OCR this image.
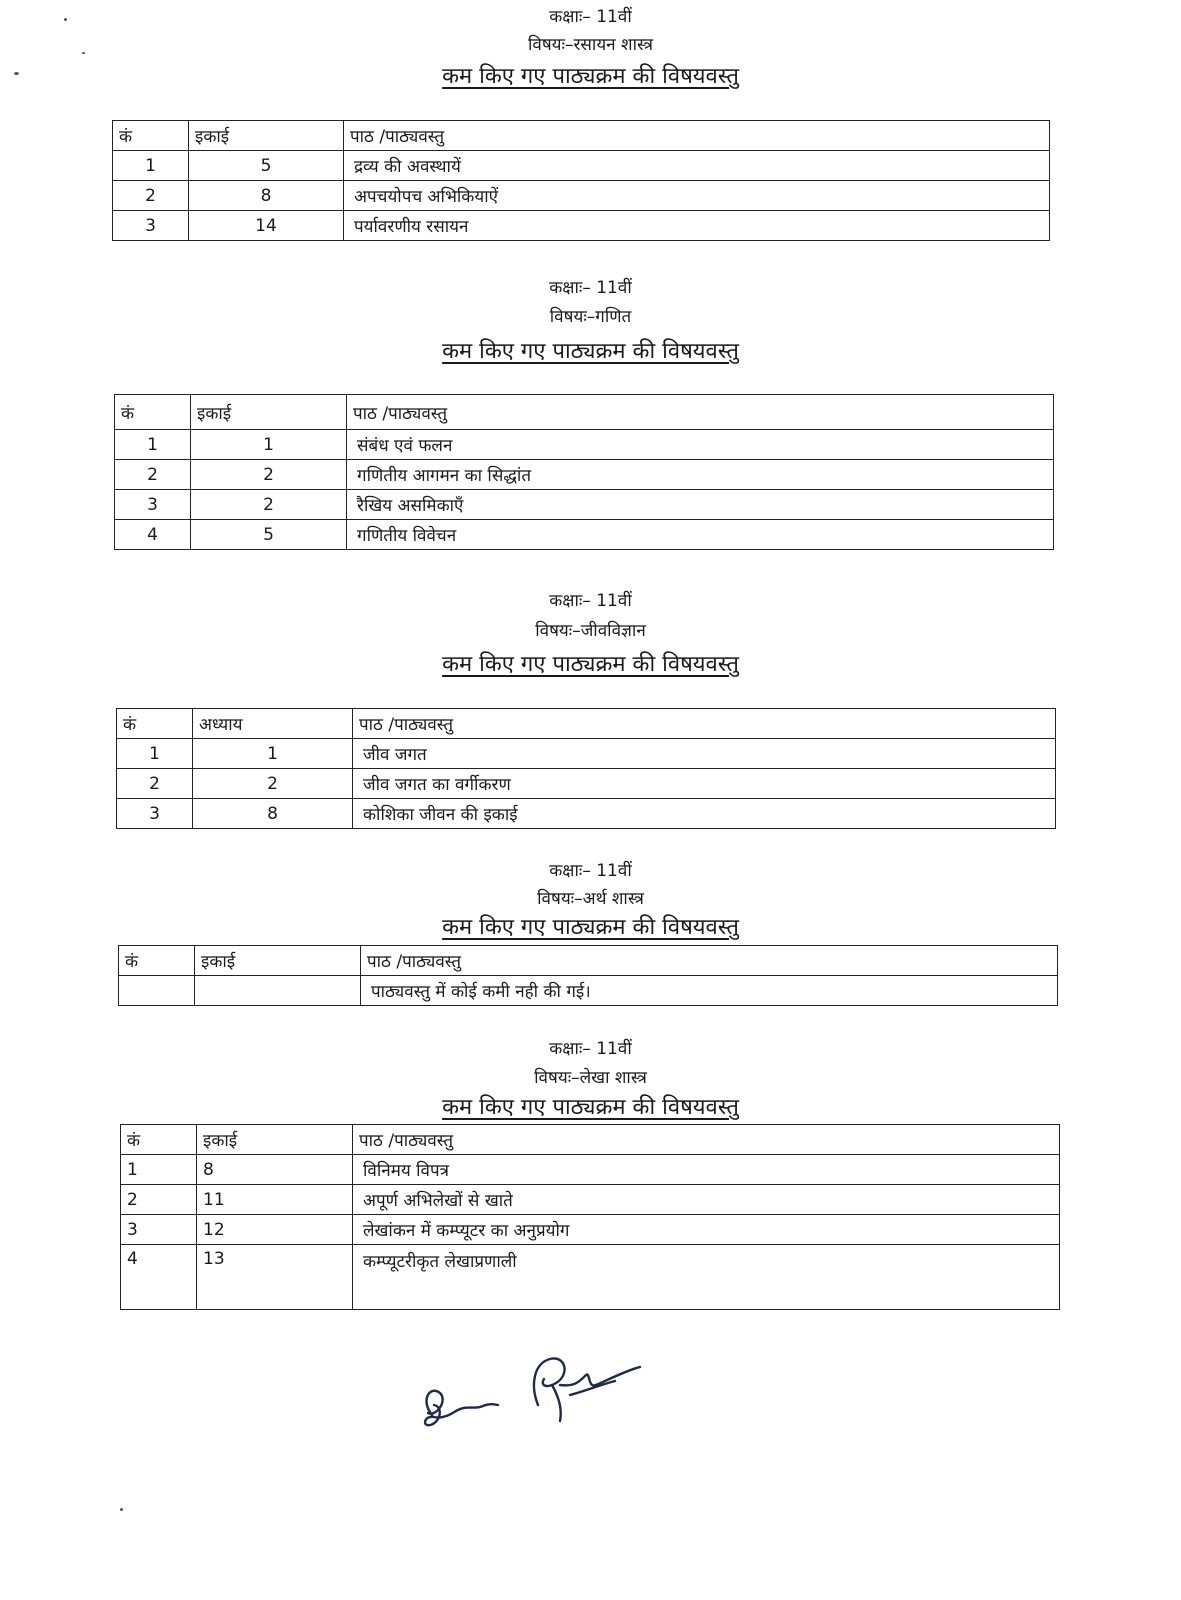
कक्षाः– 11वीं
विषयः–रसायन शास्त्र
कम किए गए पाठ्यक्रम की विषयवस्तु
कं	इकाई	पाठ /पाठ्यवस्तु
1	5	द्रव्य की अवस्थायें
2	8	अपचयोपच अभिकियाऐं
3	14	पर्यावरणीय रसायन
कक्षाः– 11वीं
विषयः–गणित
कम किए गए पाठ्यक्रम की विषयवस्तु
कं	इकाई	पाठ /पाठ्यवस्तु
1	1	संबंध एवं फलन
2	2	गणितीय आगमन का सिद्धांत
3	2	रैखिय असमिकाएँ
4	5	गणितीय विवेचन
कक्षाः– 11वीं
विषयः–जीवविज्ञान
कम किए गए पाठ्यक्रम की विषयवस्तु
कं	अध्याय	पाठ /पाठ्यवस्तु
1	1	जीव जगत
2	2	जीव जगत का वर्गीकरण
3	8	कोशिका जीवन की इकाई
कक्षाः– 11वीं
विषयः–अर्थ शास्त्र
कम किए गए पाठ्यक्रम की विषयवस्तु
कं	इकाई	पाठ /पाठ्यवस्तु
		पाठ्यवस्तु में कोई कमी नही की गई।
कक्षाः– 11वीं
विषयः–लेखा शास्त्र
कम किए गए पाठ्यक्रम की विषयवस्तु
कं	इकाई	पाठ /पाठ्यवस्तु
1	8	विनिमय विपत्र
2	11	अपूर्ण अभिलेखों से खाते
3	12	लेखांकन में कम्प्यूटर का अनुप्रयोग
4	13	कम्प्यूटरीकृत लेखाप्रणाली
